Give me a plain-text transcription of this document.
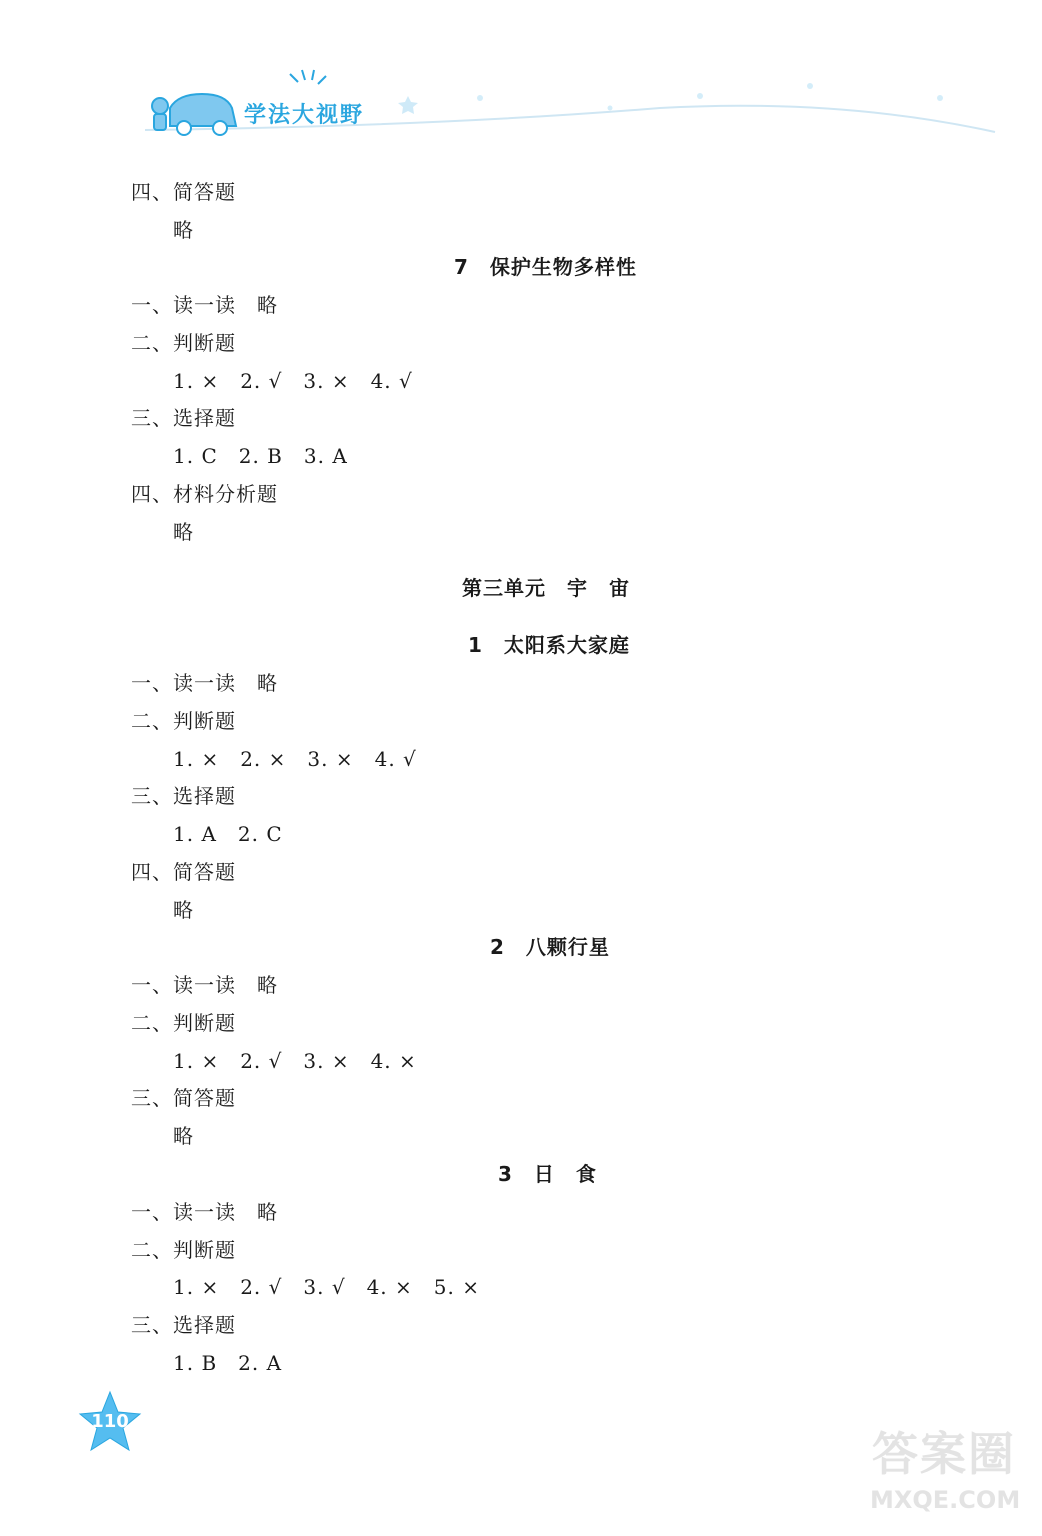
学法大视野
四、简答题
略
7　保护生物多样性
一、读一读　略
二、判断题
1. ×　2. √　3. ×　4. √
三、选择题
1. C　2. B　3. A
四、材料分析题
略
第三单元　宇　宙
1　太阳系大家庭
一、读一读　略
二、判断题
1. ×　2. ×　3. ×　4. √
三、选择题
1. A　2. C
四、简答题
略
2　八颗行星
一、读一读　略
二、判断题
1. ×　2. √　3. ×　4. ×
三、简答题
略
3　日　食
一、读一读　略
二、判断题
1. ×　2. √　3. √　4. ×　5. ×
三、选择题
1. B　2. A
110
答案圈
MXQE.COM
